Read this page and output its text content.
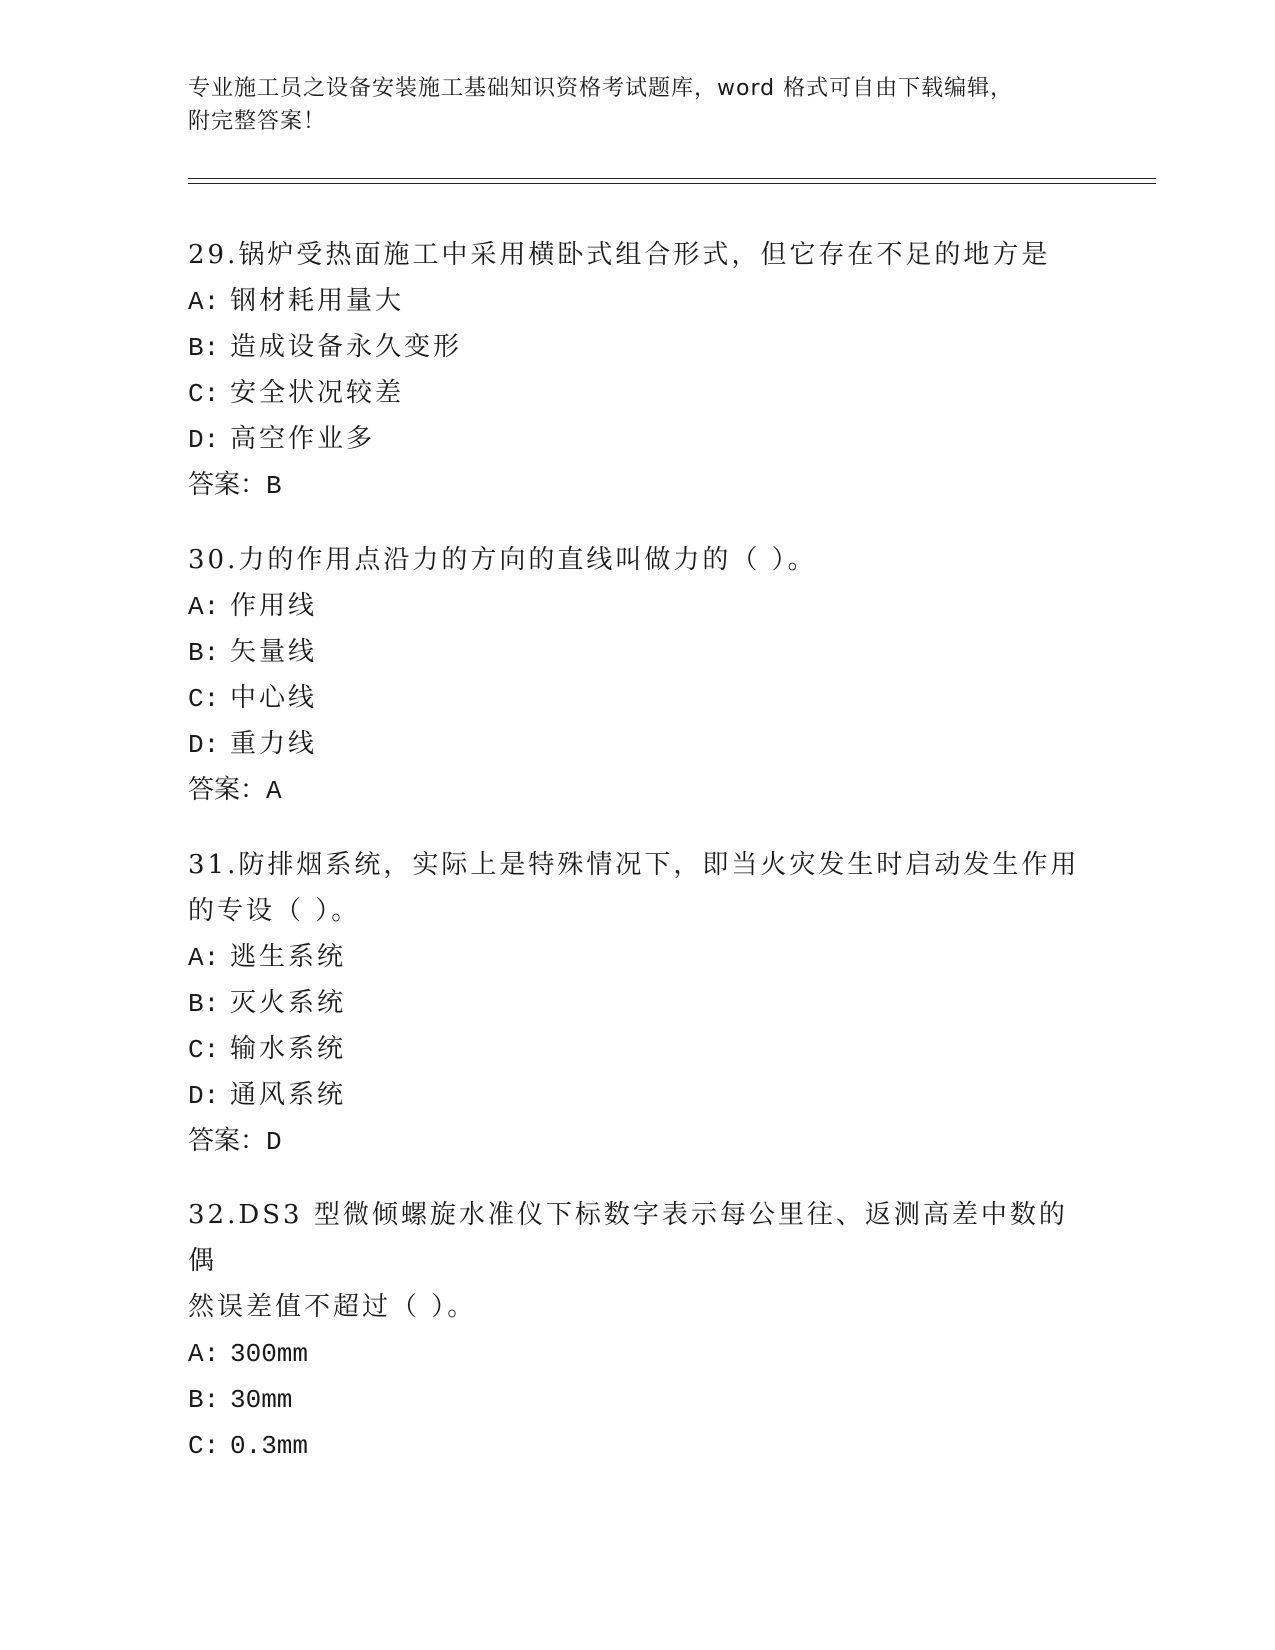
专业施工员之设备安装施工基础知识资格考试题库，word 格式可自由下载编辑，
附完整答案！
29.锅炉受热面施工中采用横卧式组合形式，但它存在不足的地方是
A: 钢材耗用量大
B: 造成设备永久变形
C: 安全状况较差
D: 高空作业多
答案：B
30.力的作用点沿力的方向的直线叫做力的（ ）。
A: 作用线
B: 矢量线
C: 中心线
D: 重力线
答案：A
31.防排烟系统，实际上是特殊情况下，即当火灾发生时启动发生作用
的专设（ ）。
A: 逃生系统
B: 灭火系统
C: 输水系统
D: 通风系统
答案：D
32.DS3 型微倾螺旋水准仪下标数字表示每公里往、返测高差中数的偶
然误差值不超过（ ）。
A: 300mm
B: 30mm
C: 0.3mm
